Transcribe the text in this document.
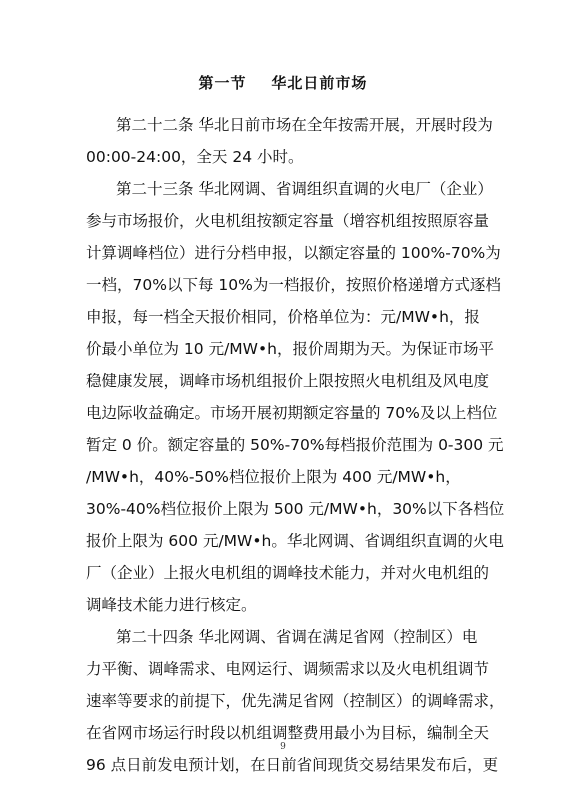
第一节    华北日前市场
第二十二条 华北日前市场在全年按需开展，开展时段为
00:00-24:00，全天 24 小时。
第二十三条 华北网调、省调组织直调的火电厂（企业）
参与市场报价，火电机组按额定容量（增容机组按照原容量
计算调峰档位）进行分档申报，以额定容量的 100%-70%为
一档，70%以下每 10%为一档报价，按照价格递增方式逐档
申报，每一档全天报价相同，价格单位为：元/MW•h，报
价最小单位为 10 元/MW•h，报价周期为天。为保证市场平
稳健康发展，调峰市场机组报价上限按照火电机组及风电度
电边际收益确定。市场开展初期额定容量的 70%及以上档位
暂定 0 价。额定容量的 50%-70%每档报价范围为 0-300 元
/MW•h，40%-50%档位报价上限为 400 元/MW•h，
30%-40%档位报价上限为 500 元/MW•h，30%以下各档位
报价上限为 600 元/MW•h。华北网调、省调组织直调的火电
厂（企业）上报火电机组的调峰技术能力，并对火电机组的
调峰技术能力进行核定。
第二十四条 华北网调、省调在满足省网（控制区）电
力平衡、调峰需求、电网运行、调频需求以及火电机组调节
速率等要求的前提下，优先满足省网（控制区）的调峰需求，
在省网市场运行时段以机组调整费用最小为目标，编制全天
96 点日前发电预计划，在日前省间现货交易结果发布后，更
9
